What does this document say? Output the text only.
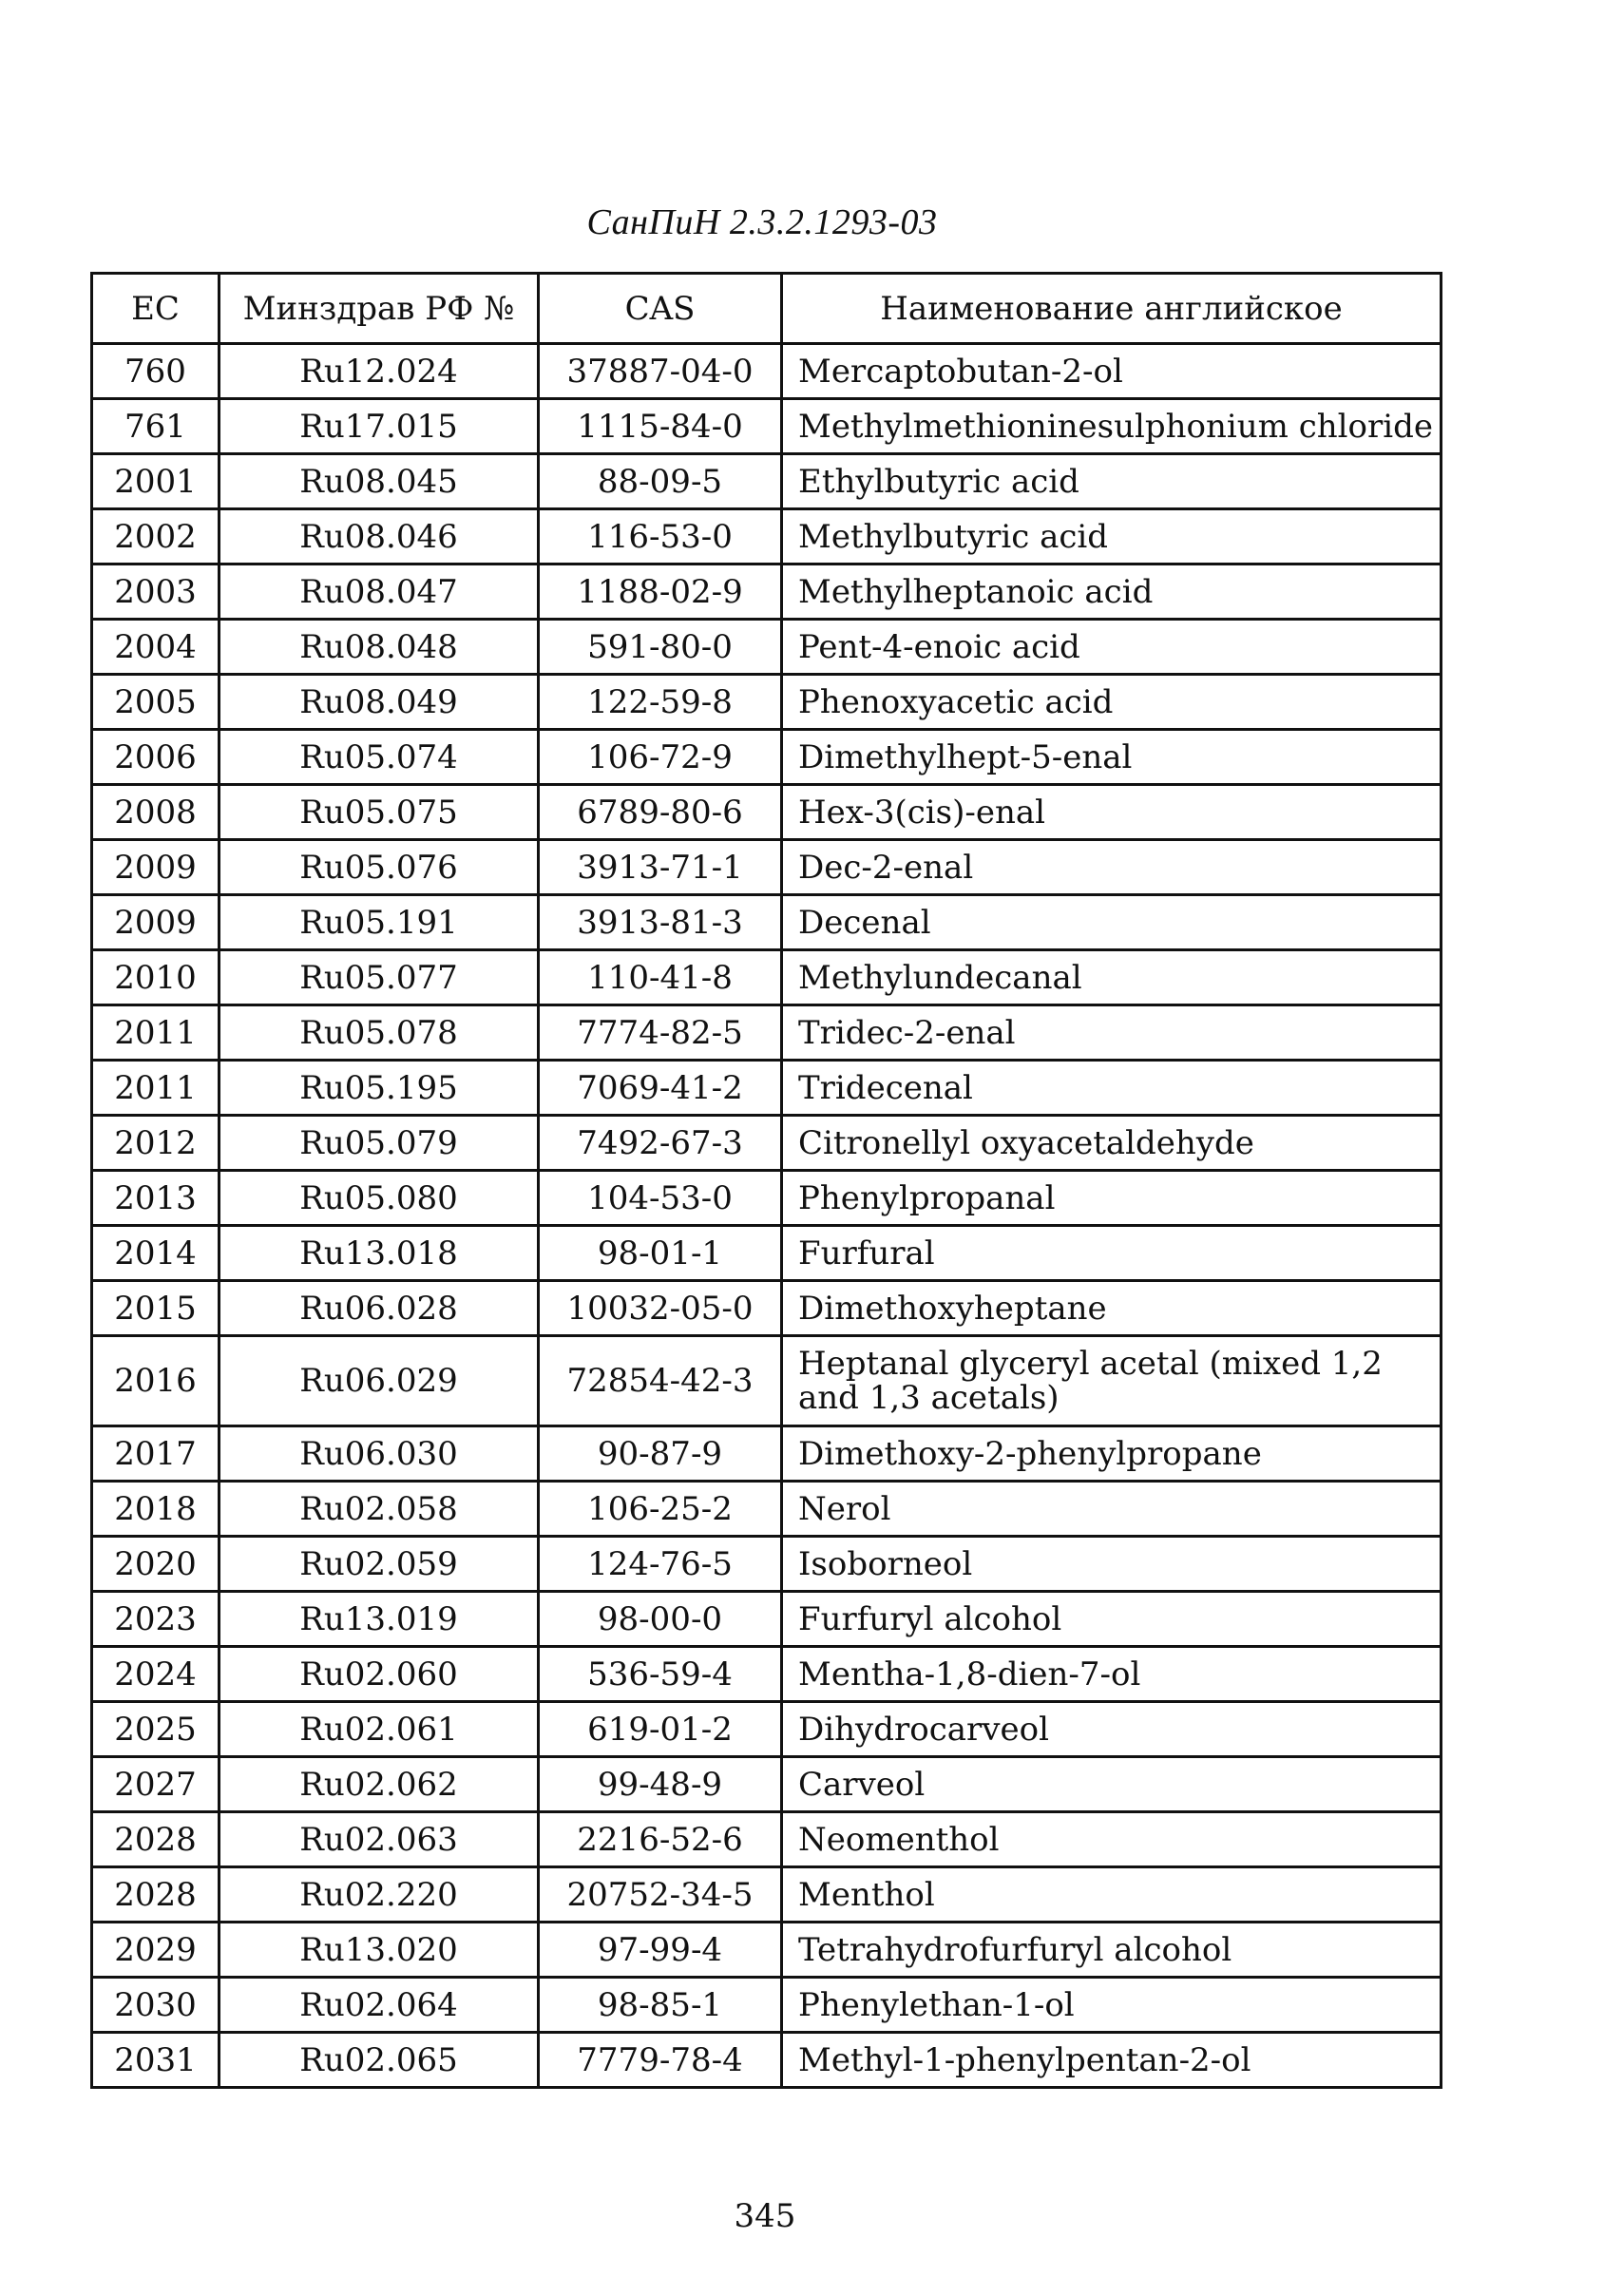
СанПиН 2.3.2.1293-03
EC	Минздрав РФ №	CAS	Наименование английское
760	Ru12.024	37887-04-0	Mercaptobutan-2-ol
761	Ru17.015	1115-84-0	Methylmethioninesulphonium chloride
2001	Ru08.045	88-09-5	Ethylbutyric acid
2002	Ru08.046	116-53-0	Methylbutyric acid
2003	Ru08.047	1188-02-9	Methylheptanoic acid
2004	Ru08.048	591-80-0	Pent-4-enoic acid
2005	Ru08.049	122-59-8	Phenoxyacetic acid
2006	Ru05.074	106-72-9	Dimethylhept-5-enal
2008	Ru05.075	6789-80-6	Hex-3(cis)-enal
2009	Ru05.076	3913-71-1	Dec-2-enal
2009	Ru05.191	3913-81-3	Decenal
2010	Ru05.077	110-41-8	Methylundecanal
2011	Ru05.078	7774-82-5	Tridec-2-enal
2011	Ru05.195	7069-41-2	Tridecenal
2012	Ru05.079	7492-67-3	Citronellyl oxyacetaldehyde
2013	Ru05.080	104-53-0	Phenylpropanal
2014	Ru13.018	98-01-1	Furfural
2015	Ru06.028	10032-05-0	Dimethoxyheptane
2016	Ru06.029	72854-42-3	Heptanal glyceryl acetal (mixed 1,2 and 1,3 acetals)
2017	Ru06.030	90-87-9	Dimethoxy-2-phenylpropane
2018	Ru02.058	106-25-2	Nerol
2020	Ru02.059	124-76-5	Isoborneol
2023	Ru13.019	98-00-0	Furfuryl alcohol
2024	Ru02.060	536-59-4	Mentha-1,8-dien-7-ol
2025	Ru02.061	619-01-2	Dihydrocarveol
2027	Ru02.062	99-48-9	Carveol
2028	Ru02.063	2216-52-6	Neomenthol
2028	Ru02.220	20752-34-5	Menthol
2029	Ru13.020	97-99-4	Tetrahydrofurfuryl alcohol
2030	Ru02.064	98-85-1	Phenylethan-1-ol
2031	Ru02.065	7779-78-4	Methyl-1-phenylpentan-2-ol
345
